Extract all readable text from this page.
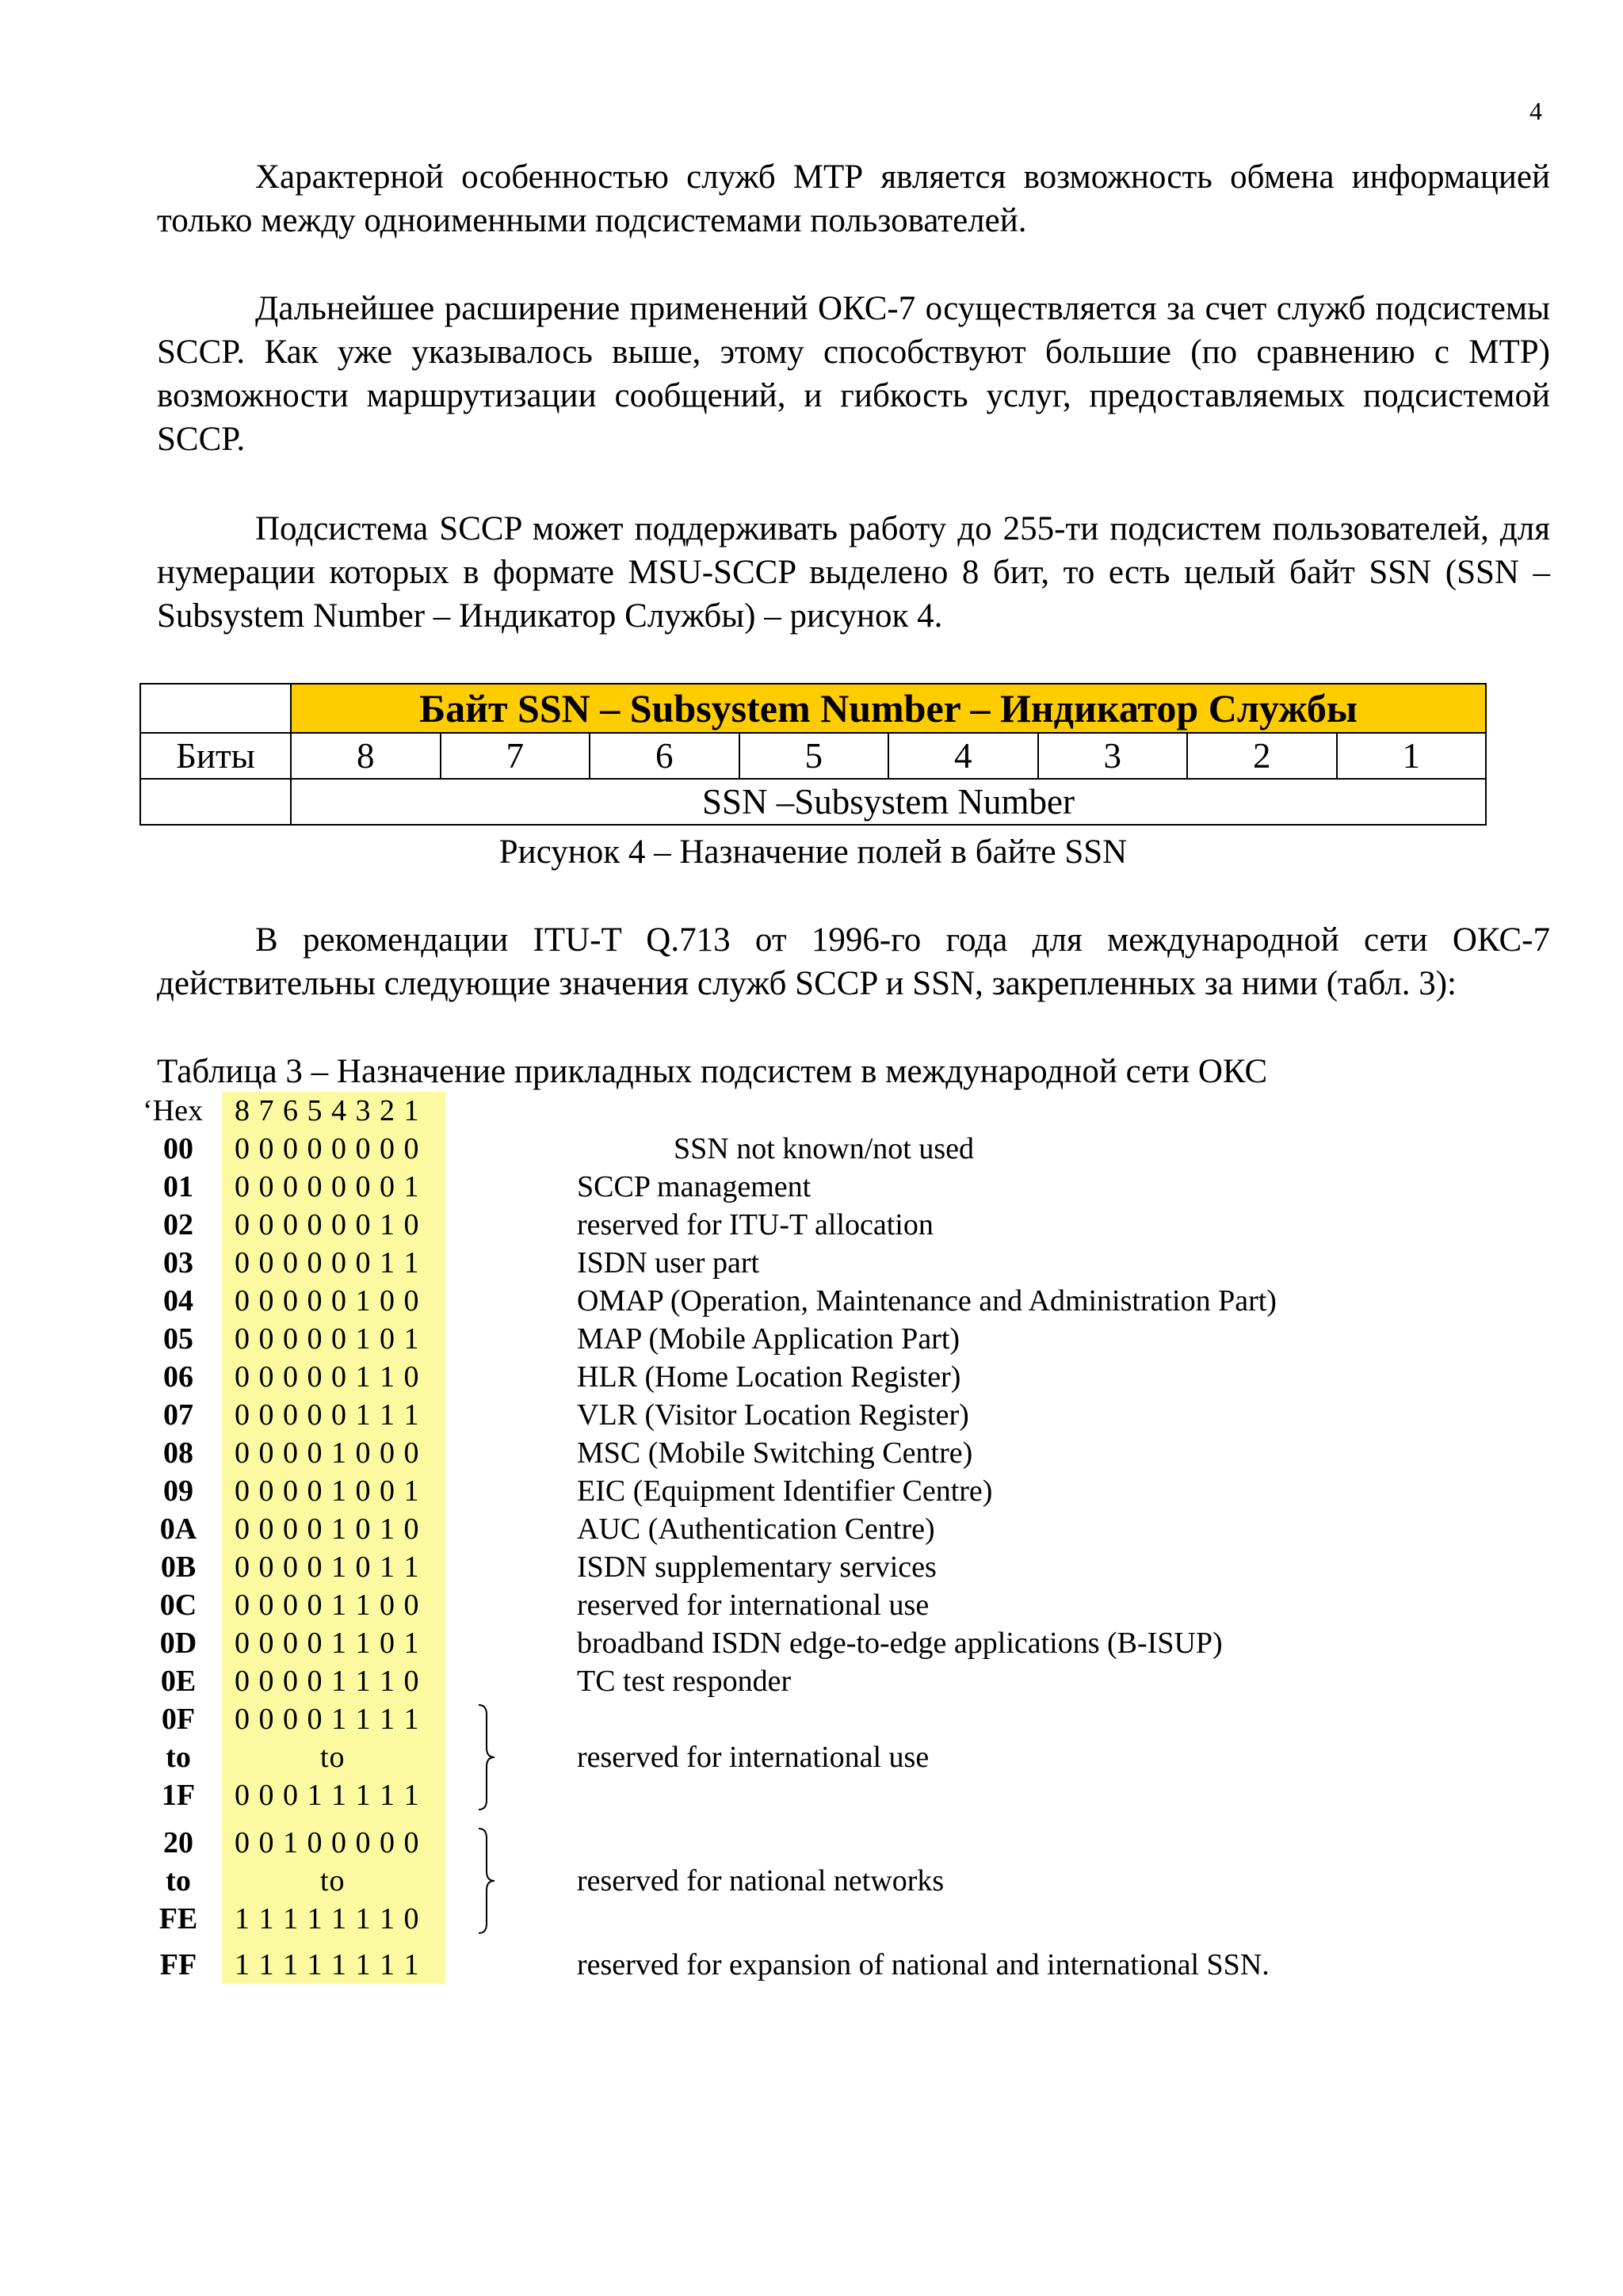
4
Характерной особенностью служб МТР является возможность обмена информацией только между одноименными подсистемами пользователей.
Дальнейшее расширение применений ОКС-7 осуществляется за счет служб подсистемы SCCP. Как уже указывалось выше, этому способствуют большие (по сравнению с МТР) возможности маршрутизации сообщений, и гибкость услуг, предоставляемых подсистемой SCCP.
Подсистема SCCP может поддерживать работу до 255-ти подсистем пользователей, для нумерации которых в формате MSU-SCCP выделено 8 бит, то есть целый байт SSN (SSN –Subsystem Number – Индикатор Службы) – рисунок 4.
	Байт SSN – Subsystem Number – Индикатор Службы							
Биты	8	7	6	5	4	3	2	1
	SSN –Subsystem Number							
Рисунок 4 – Назначение полей в байте SSN
В рекомендации ITU-T Q.713 от 1996-го года для международной сети ОКС-7 действительны следующие значения служб SCCP и SSN, закрепленных за ними (табл. 3):
Таблица 3 – Назначение прикладных подсистем в международной сети ОКС
‘Hex 8 7 6 5 4 3 2 1
00	0 0 0 0 0 0 0 0	SSN not known/not used
01	0 0 0 0 0 0 0 1	SCCP management
02	0 0 0 0 0 0 1 0	reserved for ITU-T allocation
03	0 0 0 0 0 0 1 1	ISDN user part
04	0 0 0 0 0 1 0 0	OMAP (Operation, Maintenance and Administration Part)
05	0 0 0 0 0 1 0 1	MAP (Mobile Application Part)
06	0 0 0 0 0 1 1 0	HLR (Home Location Register)
07	0 0 0 0 0 1 1 1	VLR (Visitor Location Register)
08	0 0 0 0 1 0 0 0	MSC (Mobile Switching Centre)
09	0 0 0 0 1 0 0 1	EIC (Equipment Identifier Centre)
0A	0 0 0 0 1 0 1 0	AUC (Authentication Centre)
0B	0 0 0 0 1 0 1 1	ISDN supplementary services
0C	0 0 0 0 1 1 0 0	reserved for international use
0D	0 0 0 0 1 1 0 1	broadband ISDN edge-to-edge applications (B-ISUP)
0E	0 0 0 0 1 1 1 0	TC test responder
0F	0 0 0 0 1 1 1 1
to	to	reserved for international use
1F	0 0 0 1 1 1 1 1
20	0 0 1 0 0 0 0 0
to	to	reserved for national networks
FE 1 1 1 1 1 1 1 0
FF	1 1 1 1 1 1 1 1	reserved for expansion of national and international SSN.
